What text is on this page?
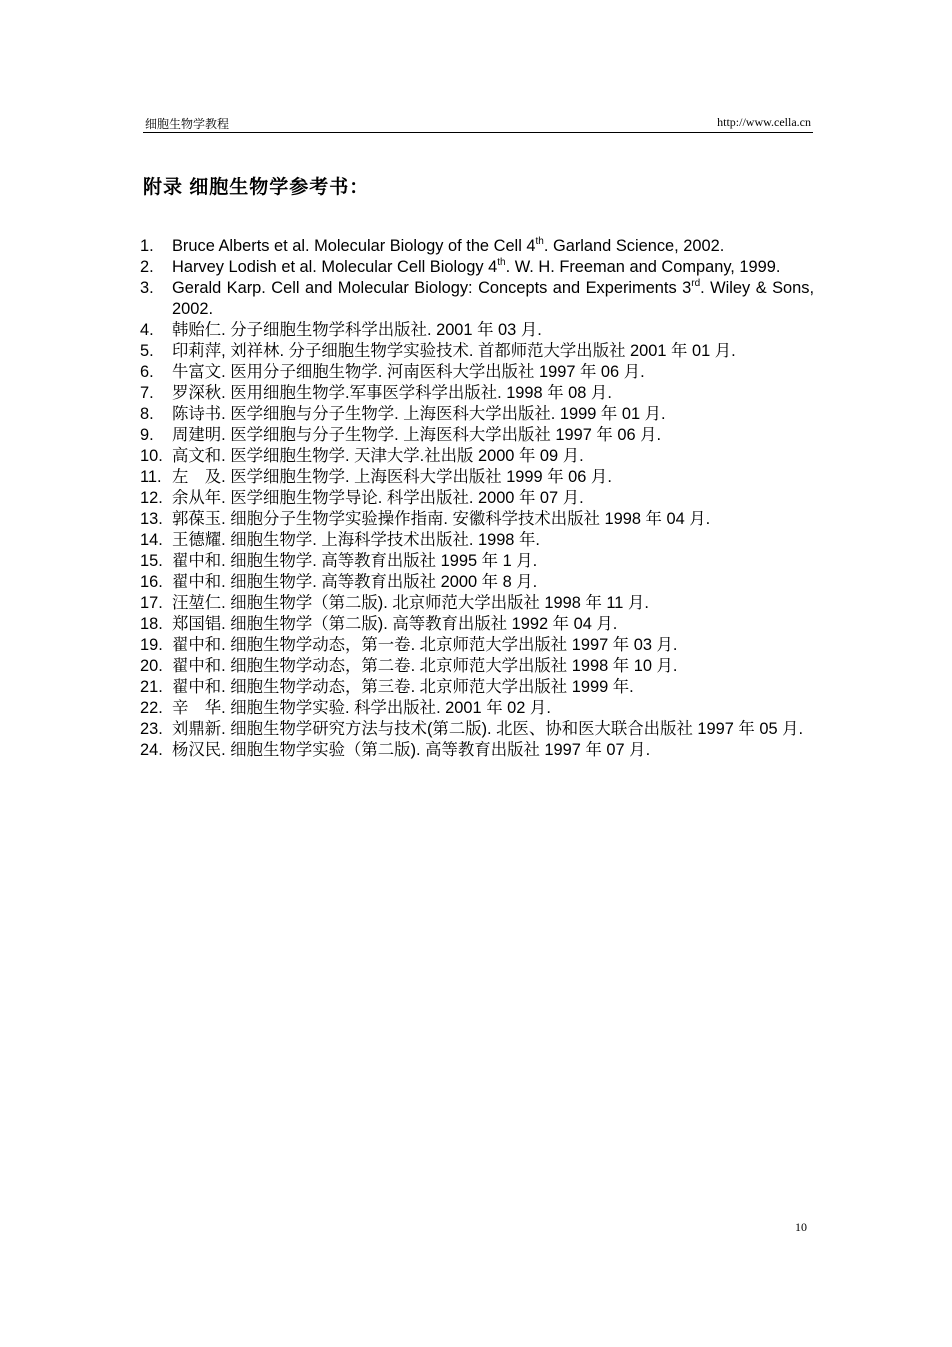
细胞生物学教程	http://www.cella.cn
附录 细胞生物学参考书：
1.	Bruce Alberts et al. Molecular Biology of the Cell 4th. Garland Science, 2002.
2.	Harvey Lodish et al. Molecular Cell Biology 4th. W. H. Freeman and Company, 1999.
3.	Gerald Karp. Cell and Molecular Biology: Concepts and Experiments 3rd. Wiley & Sons, 2002.
4.	韩贻仁. 分子细胞生物学科学出版社. 2001 年 03 月.
5.	印莉萍, 刘祥林. 分子细胞生物学实验技术. 首都师范大学出版社 2001 年 01 月.
6.	牛富文. 医用分子细胞生物学. 河南医科大学出版社 1997 年 06 月.
7.	罗深秋. 医用细胞生物学.军事医学科学出版社. 1998 年 08 月.
8.	陈诗书. 医学细胞与分子生物学. 上海医科大学出版社. 1999 年 01 月.
9.	周建明. 医学细胞与分子生物学. 上海医科大学出版社 1997 年 06 月.
10. 高文和. 医学细胞生物学. 天津大学.社出版 2000 年 09 月.
11. 左　及. 医学细胞生物学. 上海医科大学出版社 1999 年 06 月.
12. 余从年. 医学细胞生物学导论. 科学出版社. 2000 年 07 月.
13. 郭葆玉. 细胞分子生物学实验操作指南. 安徽科学技术出版社 1998 年 04 月.
14. 王德耀. 细胞生物学. 上海科学技术出版社. 1998 年.
15. 翟中和. 细胞生物学. 高等教育出版社 1995 年 1 月.
16. 翟中和. 细胞生物学. 高等教育出版社 2000 年 8 月.
17. 汪堃仁. 细胞生物学（第二版). 北京师范大学出版社 1998 年 11 月.
18. 郑国锠. 细胞生物学（第二版). 高等教育出版社 1992 年 04 月.
19. 翟中和. 细胞生物学动态，第一卷. 北京师范大学出版社 1997 年 03 月.
20. 翟中和. 细胞生物学动态，第二卷. 北京师范大学出版社 1998 年 10 月.
21. 翟中和. 细胞生物学动态，第三卷. 北京师范大学出版社 1999 年.
22. 辛　华. 细胞生物学实验. 科学出版社. 2001 年 02 月.
23. 刘鼎新. 细胞生物学研究方法与技术(第二版). 北医、协和医大联合出版社 1997 年 05 月.
24. 杨汉民. 细胞生物学实验（第二版). 高等教育出版社 1997 年 07 月.
10
